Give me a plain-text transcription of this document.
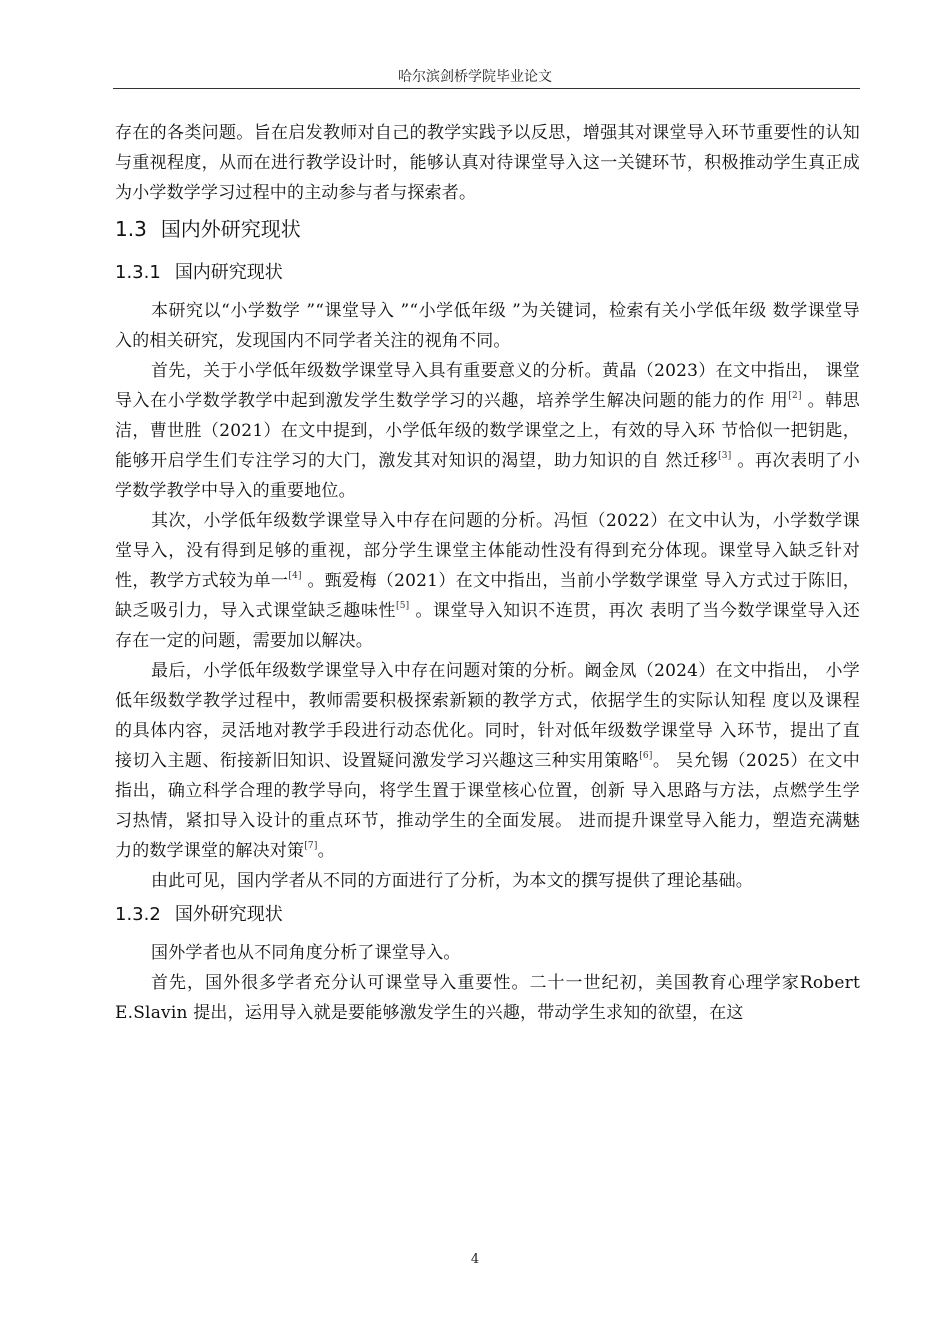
哈尔滨剑桥学院毕业论文

存在的各类问题。旨在启发教师对自己的教学实践予以反思，增强其对课堂导入环节重要性的认知与重视程度，从而在进行教学设计时，能够认真对待课堂导入这一关键环节，积极推动学生真正成为小学数学学习过程中的主动参与者与探索者。

1.3 国内外研究现状
1.3.1 国内研究现状

本研究以“小学数学 ”“课堂导入 ”“小学低年级 ”为关键词，检索有关小学低年级 数学课堂导入的相关研究，发现国内不同学者关注的视角不同。

首先，关于小学低年级数学课堂导入具有重要意义的分析。黄晶（2023）在文中指出， 课堂导入在小学数学教学中起到激发学生数学学习的兴趣，培养学生解决问题的能力的作 用[2] 。韩思洁，曹世胜（2021）在文中提到，小学低年级的数学课堂之上，有效的导入环 节恰似一把钥匙，能够开启学生们专注学习的大门，激发其对知识的渴望，助力知识的自 然迁移[3] 。再次表明了小学数学教学中导入的重要地位。

其次，小学低年级数学课堂导入中存在问题的分析。冯恒（2022）在文中认为，小学数学课堂导入，没有得到足够的重视，部分学生课堂主体能动性没有得到充分体现。课堂导入缺乏针对性，教学方式较为单一[4] 。甄爱梅（2021）在文中指出，当前小学数学课堂 导入方式过于陈旧，缺乏吸引力，导入式课堂缺乏趣味性[5] 。课堂导入知识不连贯，再次 表明了当今数学课堂导入还存在一定的问题，需要加以解决。

最后，小学低年级数学课堂导入中存在问题对策的分析。阚金凤（2024）在文中指出， 小学低年级数学教学过程中，教师需要积极探索新颖的教学方式，依据学生的实际认知程 度以及课程的具体内容，灵活地对教学手段进行动态优化。同时，针对低年级数学课堂导 入环节，提出了直接切入主题、衔接新旧知识、设置疑问激发学习兴趣这三种实用策略[6]。 吴允锡（2025）在文中指出，确立科学合理的教学导向，将学生置于课堂核心位置，创新 导入思路与方法，点燃学生学习热情，紧扣导入设计的重点环节，推动学生的全面发展。 进而提升课堂导入能力，塑造充满魅力的数学课堂的解决对策[7]。

由此可见，国内学者从不同的方面进行了分析，为本文的撰写提供了理论基础。

1.3.2 国外研究现状

国外学者也从不同角度分析了课堂导入。

首先，国外很多学者充分认可课堂导入重要性。二十一世纪初，美国教育心理学家Robert E.Slavin 提出，运用导入就是要能够激发学生的兴趣，带动学生求知的欲望，在这

4
